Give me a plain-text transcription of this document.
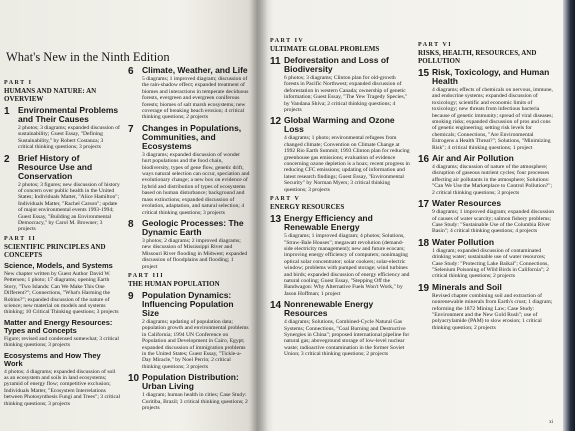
What's New in the Ninth Edition
PART I
HUMANS AND NATURE: AN OVERVIEW
1 Environmental Problems and Their Causes
2 photos; 3 diagrams; expanded discussion of sustainability; Guest Essay, "Defining Sustainability," by Robert Costanza; 3 critical thinking questions; 3 projects
2 Brief History of Resource Use and Conservation
2 photos; 3 figures; new discussion of history of concern over public health in the United States; Individuals Matter, "Alice Hamilton"; Individuals Matter, "Rachel Carson"; update of major environmental events 1993-1994; Guest Essay, "Building an Environmental Democracy," by Carol M. Browner; 3 projects
PART II
SCIENTIFIC PRINCIPLES AND CONCEPTS
Science, Models, and Systems
New chapter written by Guest Author David W. Pettersen; 1 photo; 17 diagrams; opening Earth Story, "Two Islands: Can We Make This One Different?"; Connections, "What's Harming the Robins?"; expanded discussion of the nature of science; new material on models and systems thinking; 10 Critical Thinking questions; 3 projects
Matter and Energy Resources: Types and Concepts
Figure; revised and condensed somewhat; 3 critical thinking questions; 3 projects
Ecosystems and How They Work
4 photos; 4 diagrams; expanded discussion of soil as an ecosystem and soils in land ecosystems; pyramid of energy flow; competitive exclusion; Individuals Matter, "Ecosystem Interrelations between Photosynthesis Fungi and Trees"; 3 critical thinking questions; 3 projects
6 Climate, Weather, and Life
5 diagrams; 1 improved diagram; discussion of the rain-shadow effect; expanded treatment of biomes and interactions in temperate deciduous forests, evergreen and evergreen coniferous forests; biomes of salt marsh ecosystems; new coverage of breaking beach erosion; 4 critical thinking questions; 2 projects
7 Changes in Populations, Communities, and Ecosystems
3 diagrams; expanded discussion of wonder hurt populations and the food chain, biodiversity, types of gene flow, genetic drift, ways natural selection can occur, speciation and evolutionary change; a new box on evidence of hybrid and distribution of types of ecosystems based on human disturbance; background and mass extinctions; expanded discussion of evolution, adaptation, and natural selection; 4 critical thinking questions; 3 projects
8 Geologic Processes: The Dynamic Earth
3 photos; 2 diagrams; 2 improved diagrams; new discussion of Mississippi River and Missouri River flooding in Midwest; expanded discussion of floodplains and flooding; 1 project
PART III
THE HUMAN POPULATION
9 Population Dynamics: Influencing Population Size
2 diagrams; updating of population data; population growth and environmental problems in California; 1994 UN Conference on Population and Development in Cairo, Egypt; expanded discussion of immigration problems in the United States; Guest Essay, "Tickle-a-Day Miracle," by Noel Perrin; 2 critical thinking questions; 3 projects
10 Population Distribution: Urban Living
1 diagram; human health in cities; Case Study: Curitiba, Brazil; 3 critical thinking questions; 2 projects
PART IV
ULTIMATE GLOBAL PROBLEMS
11 Deforestation and Loss of Biodiversity
6 photos; 3 diagrams; Clinton plan for old-growth forests in Pacific Northwest; expanded discussion of deforestation in western Canada; ownership of genetic information; Guest Essay, "The Yew Tragedy Species," by Vandana Shiva; 2 critical thinking questions; 4 projects
12 Global Warming and Ozone Loss
4 diagrams; 1 photo; environmental refugees from changed climate; Convention on Climate Change at 1992 Rio Earth Summit; 1993 Clinton plan for reducing greenhouse gas emissions; evaluation of evidence concerning ozone depletion is a hoax; recent progress in reducing CFC emissions; updating of information and latest research findings; Guest Essay, "Environmental Security" by Norman Myers; 3 critical thinking questions; 3 projects
PART V
ENERGY RESOURCES
13 Energy Efficiency and Renewable Energy
5 diagrams; 1 improved diagram; 4 photos; Solutions, "Straw-Bale Houses"; megawatt revolution (demand-side electricity management); new and future ecocars; improving energy efficiency of computers; nonimaging optical solar concentrator; solar cookers; solar-electric window; problems with pumped storage; wind turbines and birds; expanded discussion of energy efficiency and natural cooling; Guest Essay, "Stepping Off the Bandwagon: Why Alternative Fuels Won't Work," by Jason Hoffman; 1 project
14 Nonrenewable Energy Resources
4 diagrams; Solutions, Combined-Cycle Natural Gas Systems; Connections, "Coal Burning and Destructive Synergies in China"; proposed international pipeline for natural gas; aboveground storage of low-level nuclear waste; radioactive contamination in the former Soviet Union; 3 critical thinking questions; 2 projects
PART VI
RISKS, HEALTH, RESOURCES, AND POLLUTION
15 Risk, Toxicology, and Human Health
4 diagrams; effects of chemicals on nervous, immune, and endocrine systems; expanded discussion of toxicology; scientific and economic limits of toxicology; new threats from infectious bacteria because of genetic immunity; spread of viral diseases; smoking risks; expanded discussion of pros and cons of genetic engineering; setting risk levels for chemicals; Connections, "Are Environmental Estrogens a Health Threat?"; Solutions, "Minimizing Risk"; 4 critical thinking questions; 1 project
16 Air and Air Pollution
4 diagrams; discussion of nature of the atmosphere; disruption of gaseous nutrient cycles; four processes affecting air pollutants in the atmosphere; Solutions: "Can We Use the Marketplace to Control Pollution?"; 2 critical thinking questions; 3 projects
17 Water Resources
9 diagrams; 1 improved diagram; expanded discussion of causes of water scarcity; salmon fishery problems; Case Study: "Sustainable Use of the Columbia River Basin"; 4 critical thinking questions; 4 projects
18 Water Pollution
1 diagram; expanded discussion of contaminated drinking water; sustainable use of water resources; Case Study: "Protecting Lake Baikal"; Connections, "Selenium Poisoning of Wild Birds in California"; 2 critical thinking questions; 2 projects
19 Minerals and Soil
Revised chapter combining soil and extraction of nonrenewable minerals from Earth's crust; 1 diagram; reforming the 1872 Mining Law; Case Study: "Environment and the New Gold Rush"; use of polyacrylamide (PAM) to slow erosion; 1 critical thinking question; 2 projects
xi
